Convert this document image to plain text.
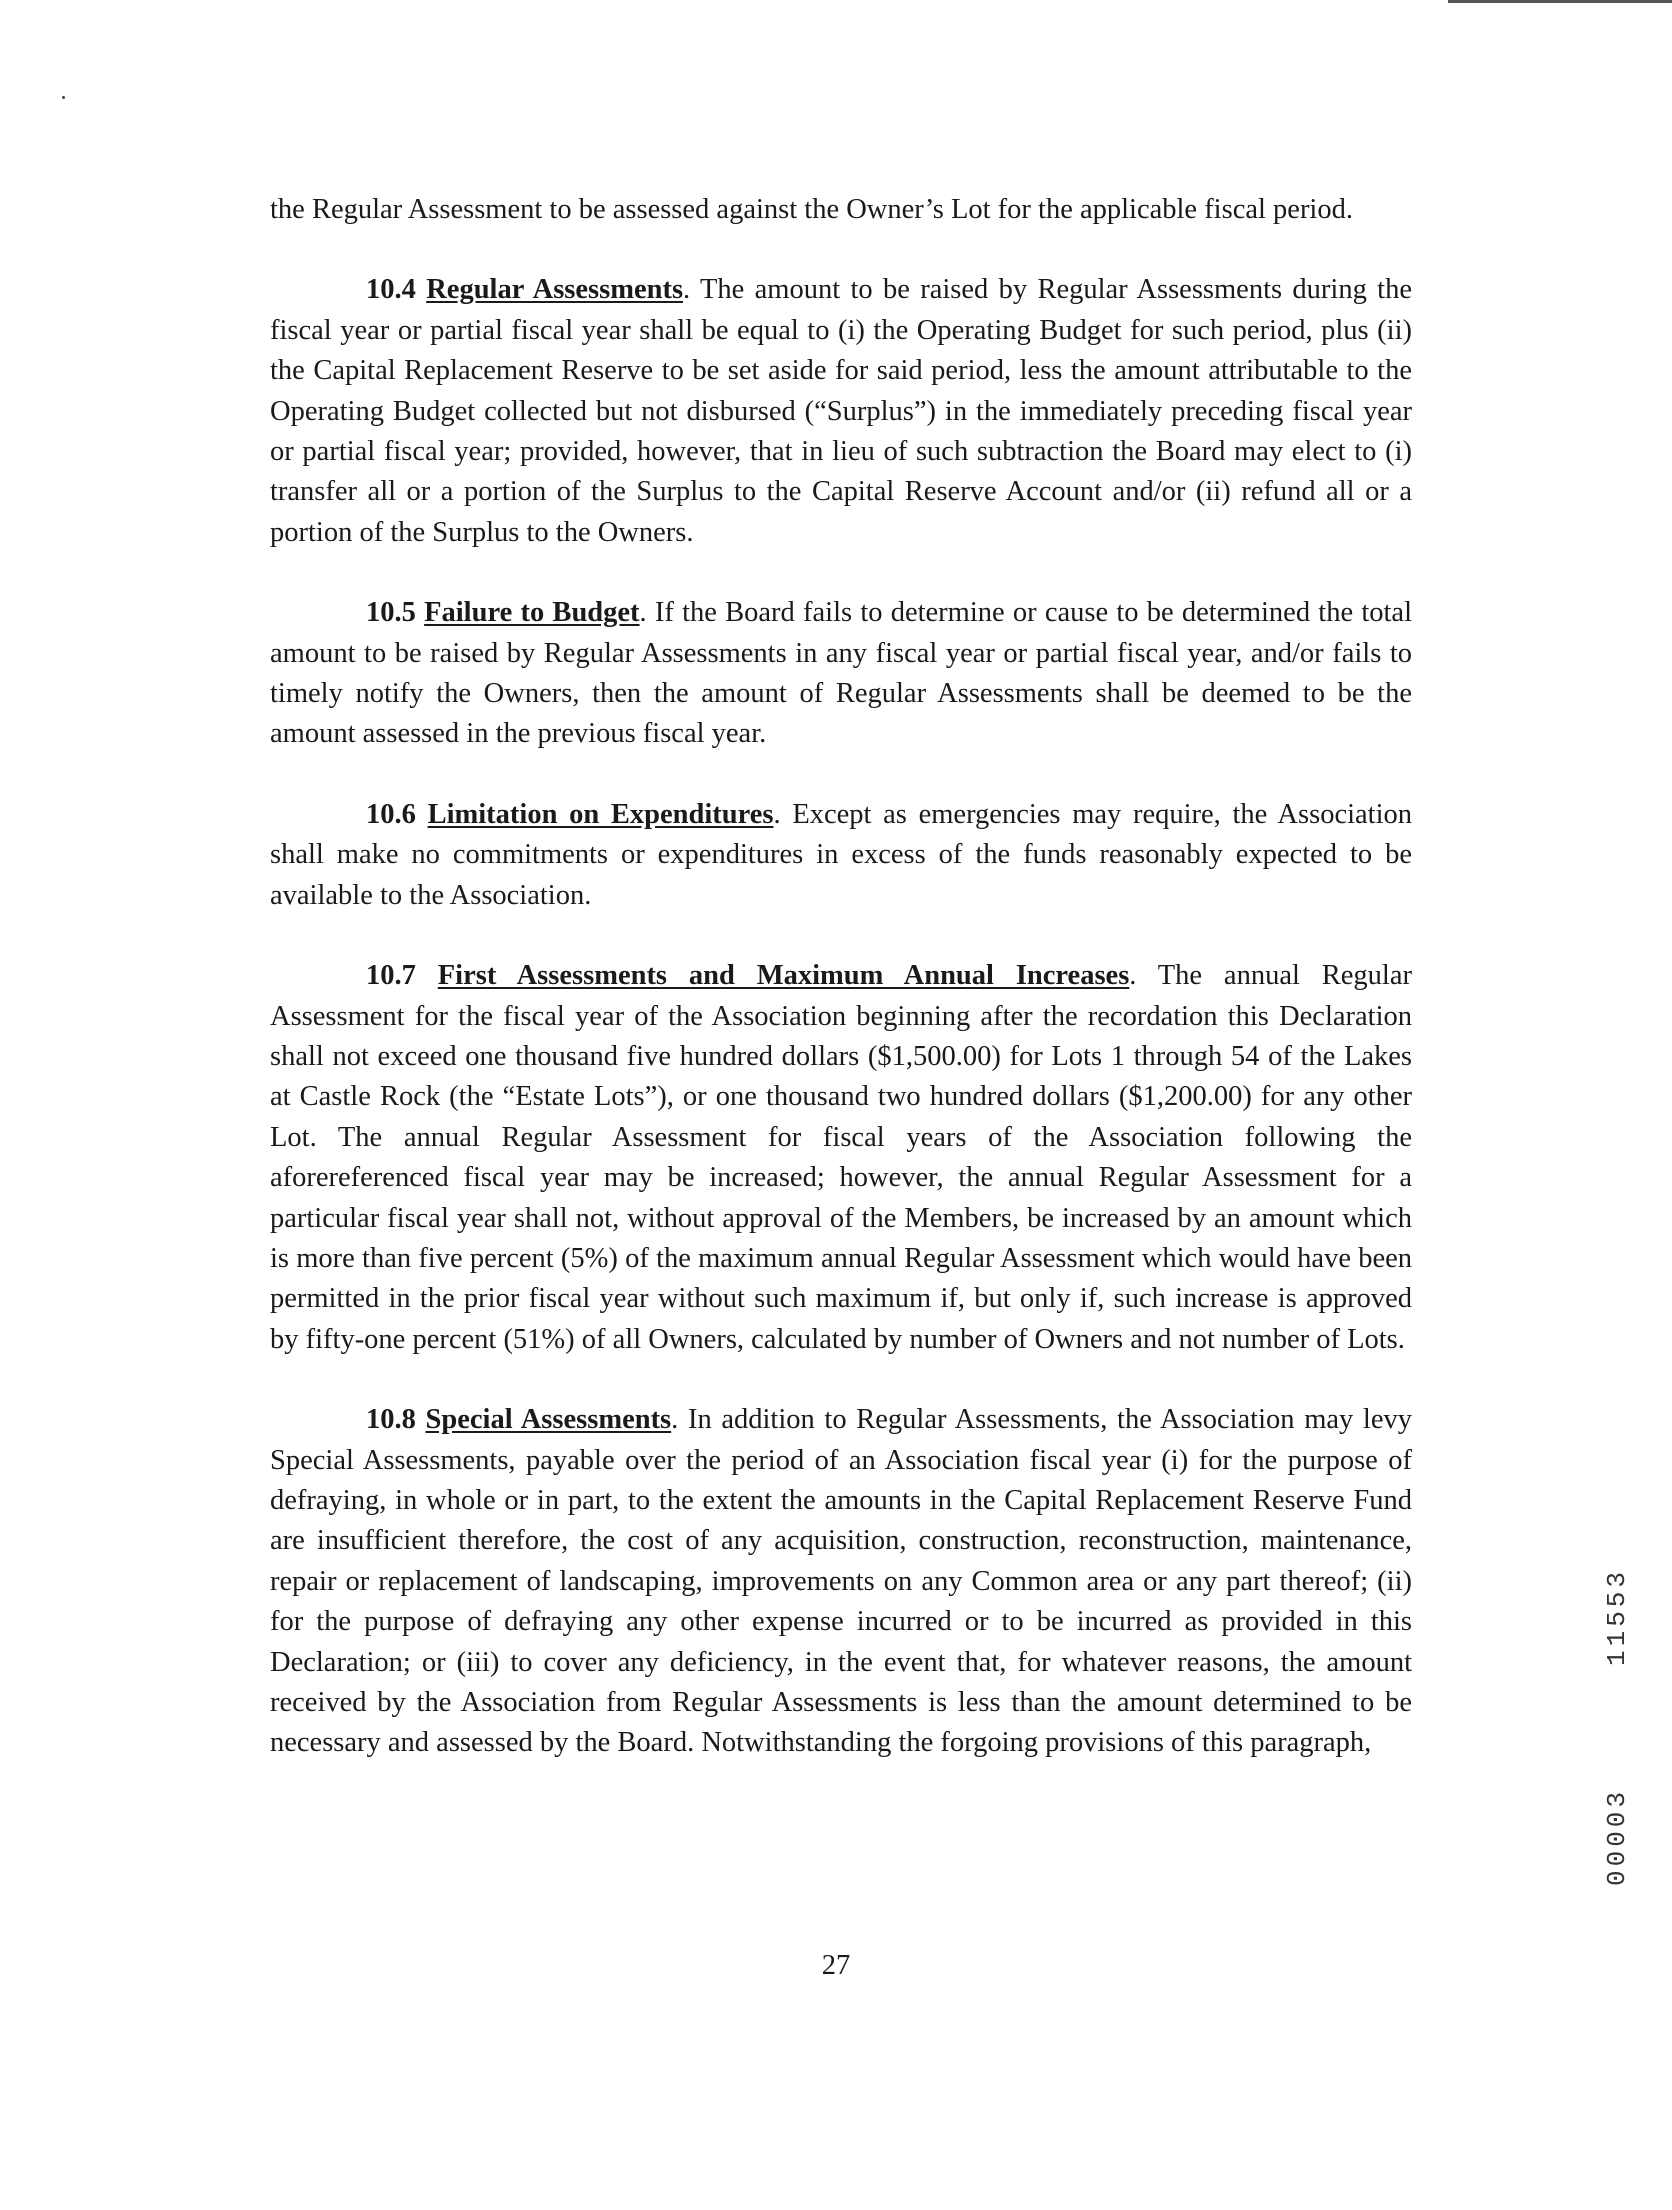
the Regular Assessment to be assessed against the Owner’s Lot for the applicable fiscal period.

10.4 Regular Assessments. The amount to be raised by Regular Assessments during the fiscal year or partial fiscal year shall be equal to (i) the Operating Budget for such period, plus (ii) the Capital Replacement Reserve to be set aside for said period, less the amount attributable to the Operating Budget collected but not disbursed (“Surplus”) in the immediately preceding fiscal year or partial fiscal year; provided, however, that in lieu of such subtraction the Board may elect to (i) transfer all or a portion of the Surplus to the Capital Reserve Account and/or (ii) refund all or a portion of the Surplus to the Owners.

10.5 Failure to Budget. If the Board fails to determine or cause to be determined the total amount to be raised by Regular Assessments in any fiscal year or partial fiscal year, and/or fails to timely notify the Owners, then the amount of Regular Assessments shall be deemed to be the amount assessed in the previous fiscal year.

10.6 Limitation on Expenditures. Except as emergencies may require, the Association shall make no commitments or expenditures in excess of the funds reasonably expected to be available to the Association.

10.7 First Assessments and Maximum Annual Increases. The annual Regular Assessment for the fiscal year of the Association beginning after the recordation this Declaration shall not exceed one thousand five hundred dollars ($1,500.00) for Lots 1 through 54 of the Lakes at Castle Rock (the “Estate Lots”), or one thousand two hundred dollars ($1,200.00) for any other Lot. The annual Regular Assessment for fiscal years of the Association following the aforereferenced fiscal year may be increased; however, the annual Regular Assessment for a particular fiscal year shall not, without approval of the Members, be increased by an amount which is more than five percent (5%) of the maximum annual Regular Assessment which would have been permitted in the prior fiscal year without such maximum if, but only if, such increase is approved by fifty-one percent (51%) of all Owners, calculated by number of Owners and not number of Lots.

10.8 Special Assessments. In addition to Regular Assessments, the Association may levy Special Assessments, payable over the period of an Association fiscal year (i) for the purpose of defraying, in whole or in part, to the extent the amounts in the Capital Replacement Reserve Fund are insufficient therefore, the cost of any acquisition, construction, reconstruction, maintenance, repair or replacement of landscaping, improvements on any Common area or any part thereof; (ii) for the purpose of defraying any other expense incurred or to be incurred as provided in this Declaration; or (iii) to cover any deficiency, in the event that, for whatever reasons, the amount received by the Association from Regular Assessments is less than the amount determined to be necessary and assessed by the Board. Notwithstanding the forgoing provisions of this paragraph,

27
11553
00003
